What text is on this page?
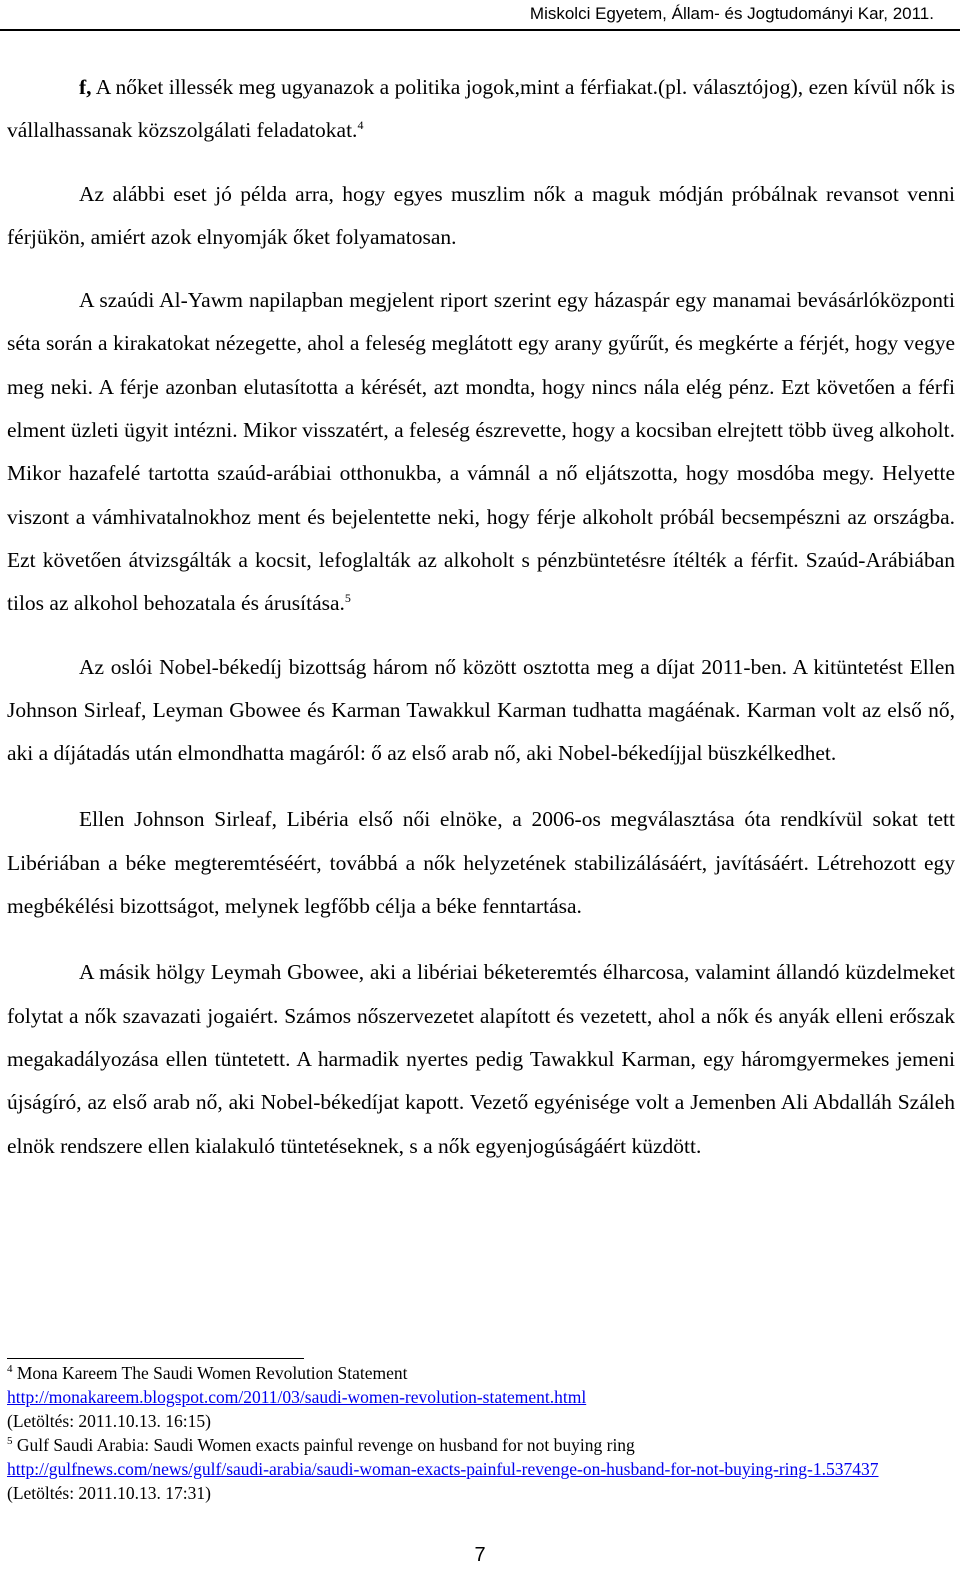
Miskolci Egyetem, Állam- és Jogtudományi Kar, 2011.

f, A nőket illessék meg ugyanazok a politika jogok,mint a férfiakat.(pl. választójog), ezen kívül nők is vállalhassanak közszolgálati feladatokat.$^4$

Az alábbi eset jó példa arra, hogy egyes muszlim nők a maguk módján próbálnak revansot venni férjükön, amiért azok elnyomják őket folyamatosan.

A szaúdi Al-Yawm napilapban megjelent riport szerint egy házaspár egy manamai bevásárlóközponti séta során a kirakatokat nézegette, ahol a feleség meglátott egy arany gyűrűt, és megkérte a férjét, hogy vegye meg neki. A férje azonban elutasította a kérését, azt mondta, hogy nincs nála elég pénz. Ezt követően a férfi elment üzleti ügyit intézni. Mikor visszatért, a feleség észrevette, hogy a kocsiban elrejtett több üveg alkoholt. Mikor hazafelé tartotta szaúd-arábiai otthonukba, a vámnál a nő eljátszotta, hogy mosdóba megy. Helyette viszont a vámhivatalnokhoz ment és bejelentette neki, hogy férje alkoholt próbál becsempészni az országba. Ezt követően átvizsgálták a kocsit, lefoglalták az alkoholt s pénzbüntetésre ítélték a férfit. Szaúd-Arábiában tilos az alkohol behozatala és árusítása.$^5$

Az oslói Nobel-békedíj bizottság három nő között osztotta meg a díjat 2011-ben. A kitüntetést Ellen Johnson Sirleaf, Leyman Gbowee és Karman Tawakkul Karman tudhatta magáénak. Karman volt az első nő, aki a díjátadás után elmondhatta magáról: ő az első arab nő, aki Nobel-békedíjjal büszkélkedhet.

Ellen Johnson Sirleaf, Libéria első női elnöke, a 2006-os megválasztása óta rendkívül sokat tett Libériában a béke megteremtéséért, továbbá a nők helyzetének stabilizálásáért, javításáért. Létrehozott egy megbékélési bizottságot, melynek legfőbb célja a béke fenntartása.

A másik hölgy Leymah Gbowee, aki a libériai béketeremtés élharcosa, valamint állandó küzdelmeket folytat a nők szavazati jogaiért. Számos nőszervezetet alapított és vezetett, ahol a nők és anyák elleni erőszak megakadályozása ellen tüntetett. A harmadik nyertes pedig Tawakkul Karman, egy háromgyermekes jemeni újságíró, az első arab nő, aki Nobel-békedíjat kapott. Vezető egyénisége volt a Jemenben Ali Abdalláh Száleh elnök rendszere ellen kialakuló tüntetéseknek, s a nők egyenjogúságáért küzdött.

$^4$ Mona Kareem The Saudi Women Revolution Statement
http://monakareem.blogspot.com/2011/03/saudi-women-revolution-statement.html
(Letöltés: 2011.10.13. 16:15)
$^5$ Gulf Saudi Arabia: Saudi Women exacts painful revenge on husband for not buying ring
http://gulfnews.com/news/gulf/saudi-arabia/saudi-woman-exacts-painful-revenge-on-husband-for-not-buying-ring-1.537437
(Letöltés: 2011.10.13. 17:31)
7
